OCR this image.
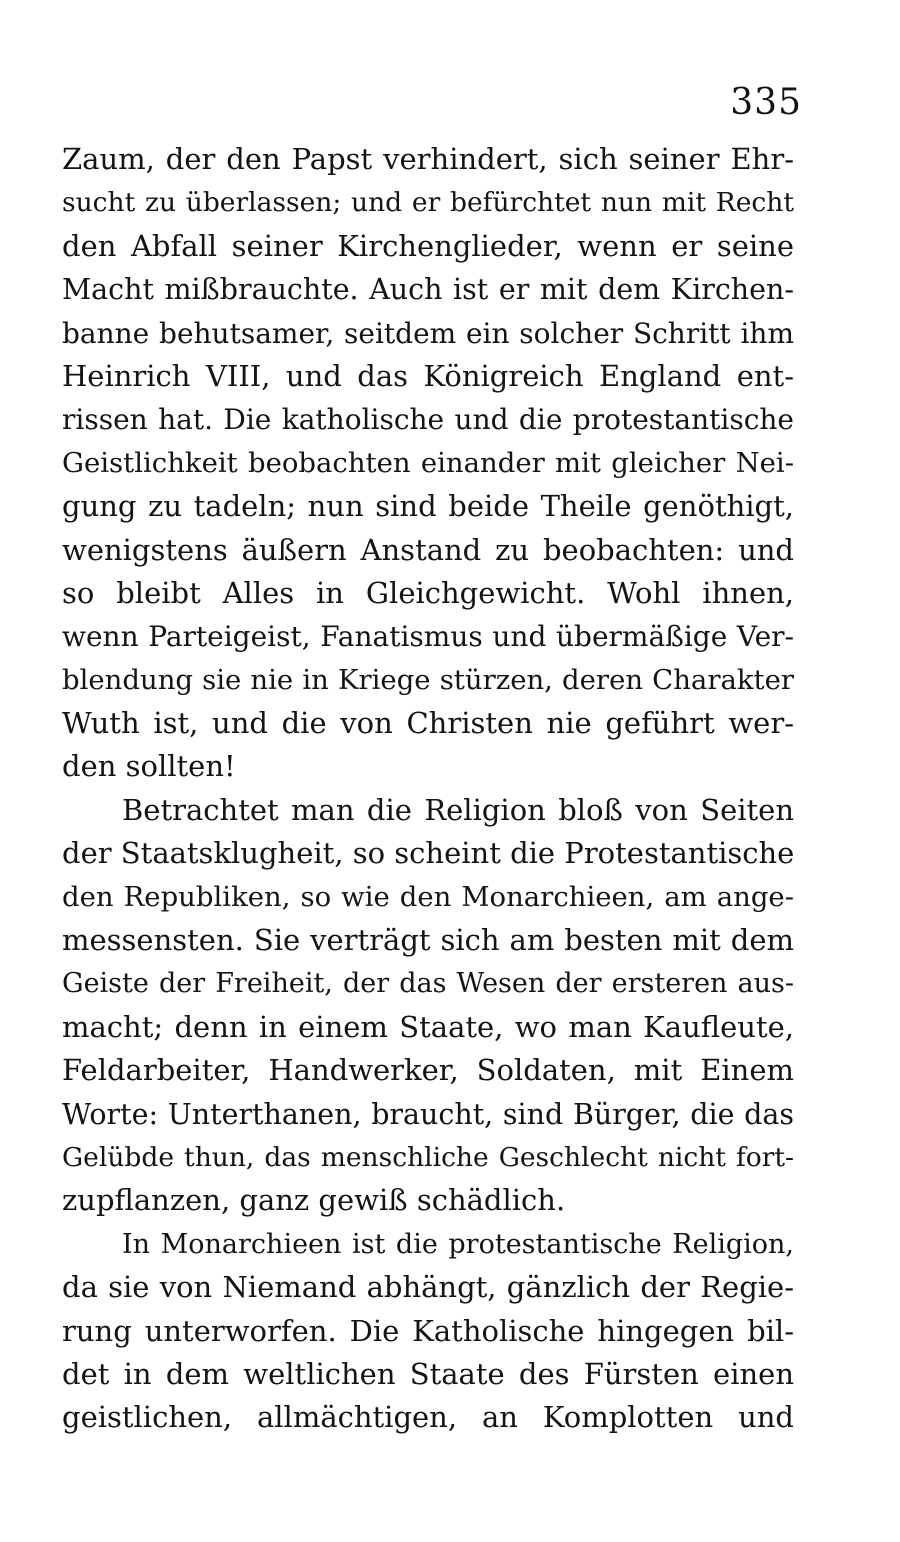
335
Zaum, der den Papst verhindert, sich seiner Ehr-
sucht zu überlassen; und er befürchtet nun mit Recht
den Abfall seiner Kirchenglieder, wenn er seine
Macht mißbrauchte. Auch ist er mit dem Kirchen-
banne behutsamer, seitdem ein solcher Schritt ihm
Heinrich VIII, und das Königreich England ent-
rissen hat. Die katholische und die protestantische
Geistlichkeit beobachten einander mit gleicher Nei-
gung zu tadeln; nun sind beide Theile genöthigt,
wenigstens äußern Anstand zu beobachten: und
so bleibt Alles in Gleichgewicht. Wohl ihnen,
wenn Parteigeist, Fanatismus und übermäßige Ver-
blendung sie nie in Kriege stürzen, deren Charakter
Wuth ist, und die von Christen nie geführt wer-
den sollten!
Betrachtet man die Religion bloß von Seiten
der Staatsklugheit, so scheint die Protestantische
den Republiken, so wie den Monarchieen, am ange-
messensten. Sie verträgt sich am besten mit dem
Geiste der Freiheit, der das Wesen der ersteren aus-
macht; denn in einem Staate, wo man Kaufleute,
Feldarbeiter, Handwerker, Soldaten, mit Einem
Worte: Unterthanen, braucht, sind Bürger, die das
Gelübde thun, das menschliche Geschlecht nicht fort-
zupflanzen, ganz gewiß schädlich.
In Monarchieen ist die protestantische Religion,
da sie von Niemand abhängt, gänzlich der Regie-
rung unterworfen. Die Katholische hingegen bil-
det in dem weltlichen Staate des Fürsten einen
geistlichen, allmächtigen, an Komplotten und
